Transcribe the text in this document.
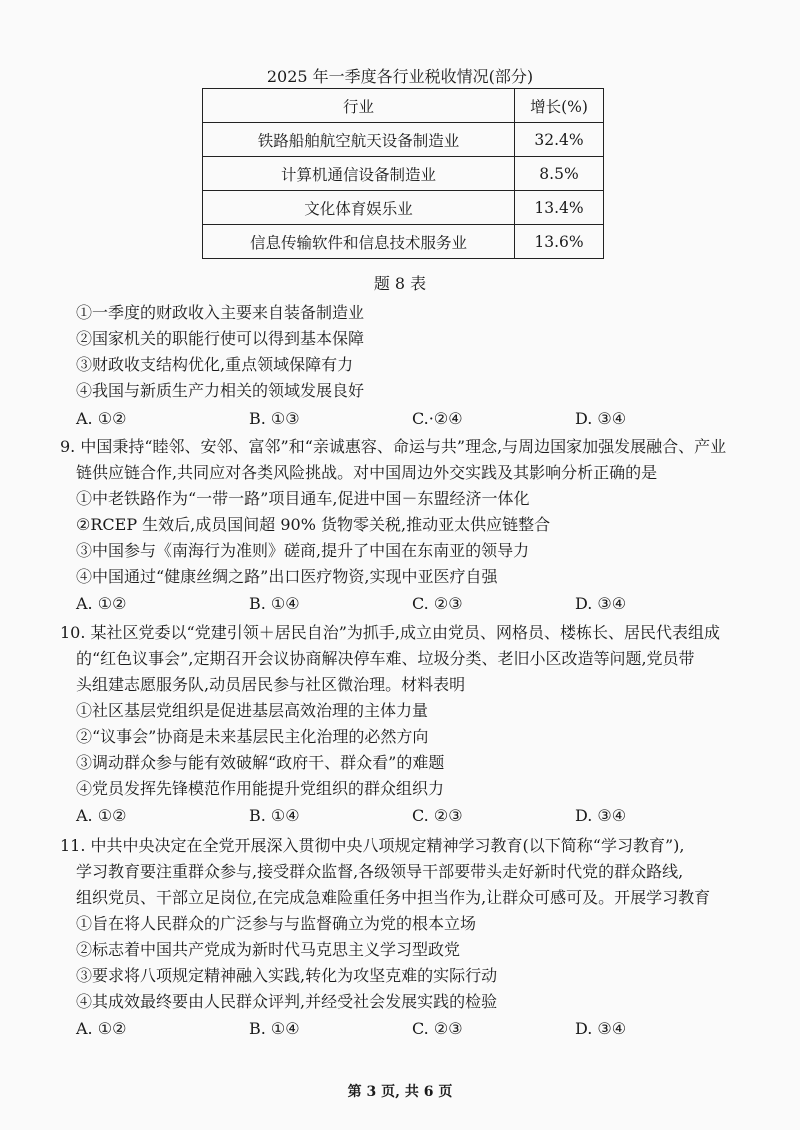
2025 年一季度各行业税收情况(部分)
行业	增长(%)
铁路船舶航空航天设备制造业	32.4%
计算机通信设备制造业	8.5%
文化体育娱乐业	13.4%
信息传输软件和信息技术服务业	13.6%
题 8 表
①一季度的财政收入主要来自装备制造业
②国家机关的职能行使可以得到基本保障
③财政收支结构优化,重点领域保障有力
④我国与新质生产力相关的领域发展良好
A. ①②	B. ①③	C.·②④	D. ③④
9. 中国秉持“睦邻、安邻、富邻”和“亲诚惠容、命运与共”理念,与周边国家加强发展融合、产业
链供应链合作,共同应对各类风险挑战。对中国周边外交实践及其影响分析正确的是
①中老铁路作为“一带一路”项目通车,促进中国－东盟经济一体化
②RCEP 生效后,成员国间超 90% 货物零关税,推动亚太供应链整合
③中国参与《南海行为准则》磋商,提升了中国在东南亚的领导力
④中国通过“健康丝绸之路”出口医疗物资,实现中亚医疗自强
A. ①②	B. ①④	C. ②③	D. ③④
10. 某社区党委以“党建引领＋居民自治”为抓手,成立由党员、网格员、楼栋长、居民代表组成
的“红色议事会”,定期召开会议协商解决停车难、垃圾分类、老旧小区改造等问题,党员带
头组建志愿服务队,动员居民参与社区微治理。材料表明
①社区基层党组织是促进基层高效治理的主体力量
②“议事会”协商是未来基层民主化治理的必然方向
③调动群众参与能有效破解“政府干、群众看”的难题
④党员发挥先锋模范作用能提升党组织的群众组织力
A. ①②	B. ①④	C. ②③	D. ③④
11. 中共中央决定在全党开展深入贯彻中央八项规定精神学习教育(以下简称“学习教育”),
学习教育要注重群众参与,接受群众监督,各级领导干部要带头走好新时代党的群众路线,
组织党员、干部立足岗位,在完成急难险重任务中担当作为,让群众可感可及。开展学习教育
①旨在将人民群众的广泛参与与监督确立为党的根本立场
②标志着中国共产党成为新时代马克思主义学习型政党
③要求将八项规定精神融入实践,转化为攻坚克难的实际行动
④其成效最终要由人民群众评判,并经受社会发展实践的检验
A. ①②	B. ①④	C. ②③	D. ③④
第 3 页, 共 6 页
